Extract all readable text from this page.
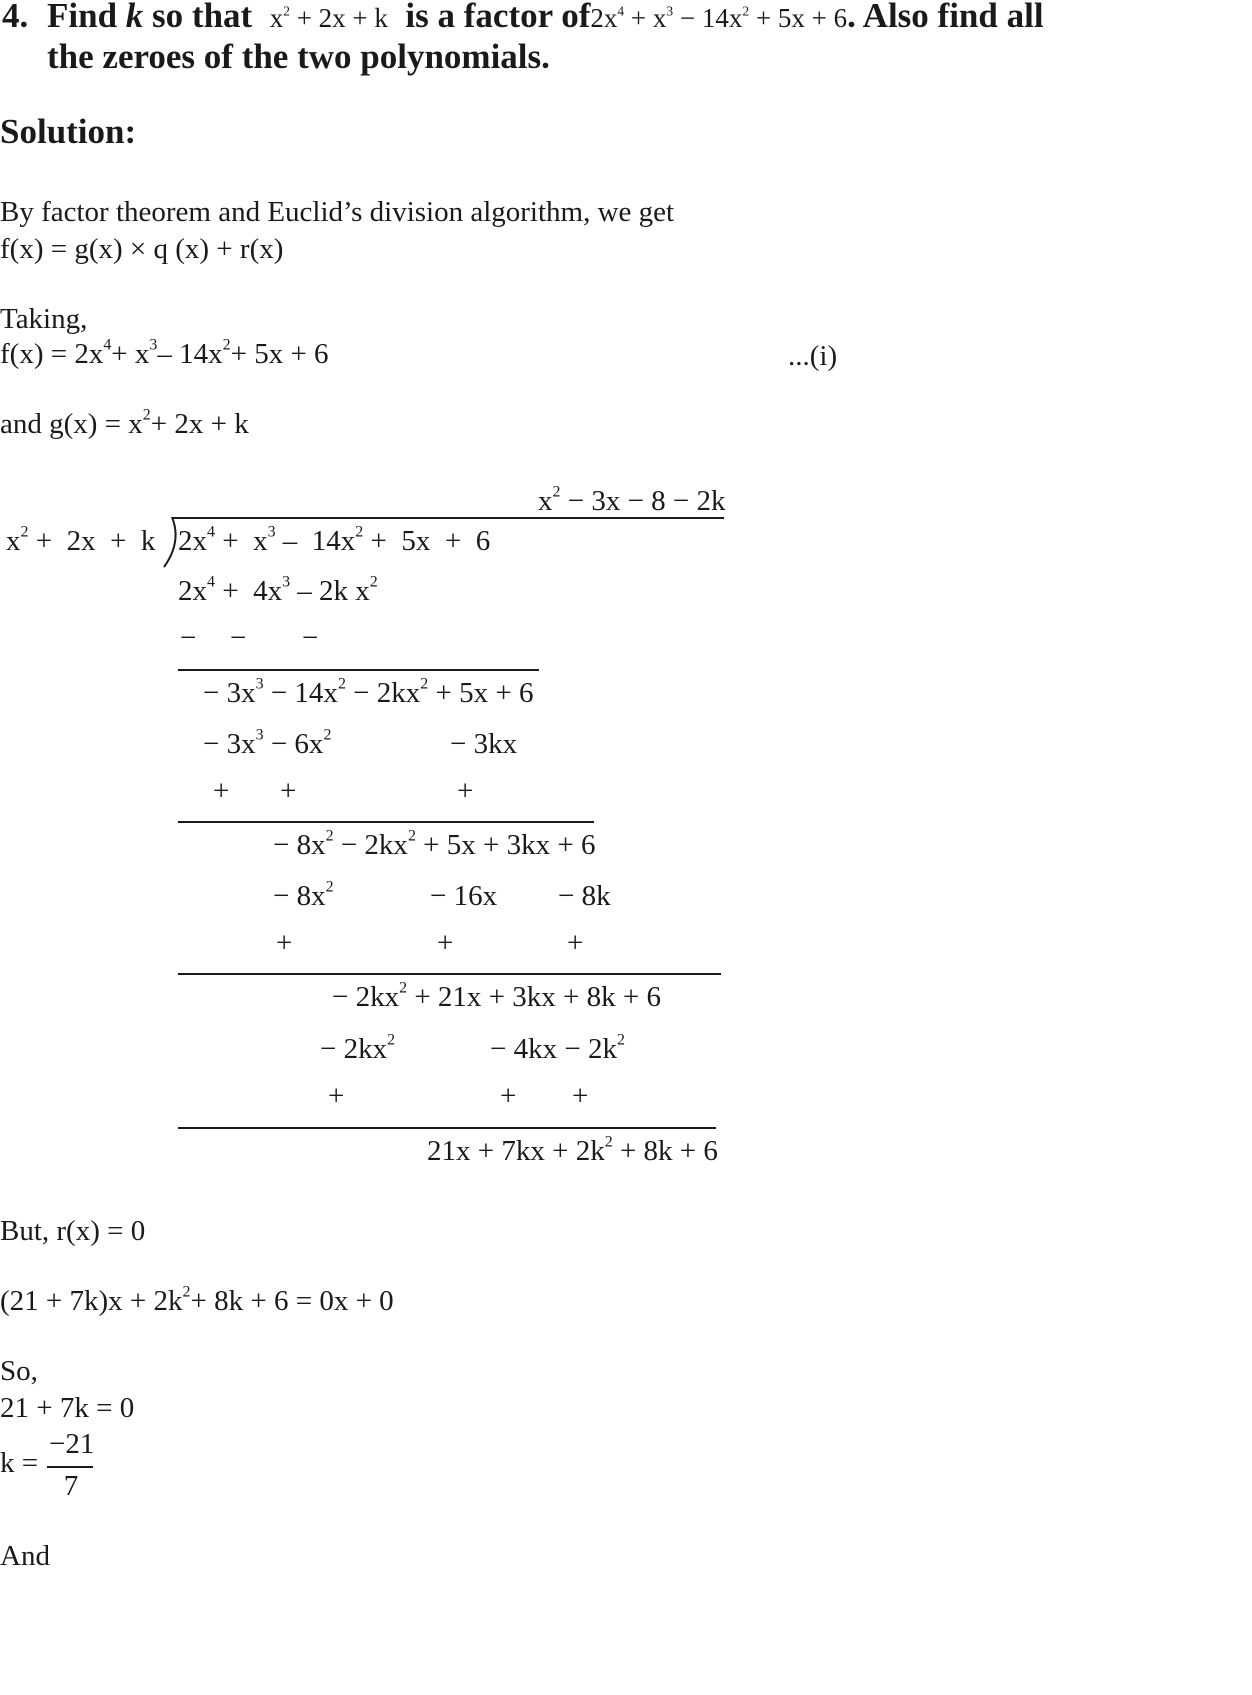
4. Find k so that $x^2 + 2x + k$ is a factor $of2x^4 + x^3 - 14x^2 + 5x + 6$. Also find all
the zeroes of the two polynomials.
Solution:
By factor theorem and Euclid’s division algorithm, we get
f(x) = g(x) × q (x) + r(x)
Taking,
$f(x) = 2x^4+ x^3-$ $14x^2+ 5x + 6$	...(i)
and $g(x) = x^2+ 2x + k$
$x^2 - 3x - 8 - 2k$
$x^2 + 2x + k$ $2x^4 + x^3 - 14x^2 + 5x + 6$
$2x^4 + 4x^3 - 2k$ $x^2$
− − −
− $3x^3 - 14x^2 - 2kx^2 + 5x + 6$
− $3x^3 - 6x^2$	− 3kx
+ +	+
− $8x^2 - 2kx^2 + 5x + 3kx + 6$
− $8x^2$	− 16x − 8k
+	+	+
− $2kx^2 + 21x + 3kx + 8k + 6$
− $2kx^2$	− $4kx - 2k^2$
+	+ +
$21x + 7kx + 2k^2 + 8k + 6$
But, r(x) = 0
$(21 + 7k)x + 2k^2+ 8k + 6 = 0x + 0$
So,
21 + 7k = 0
k =
−21
7
And
